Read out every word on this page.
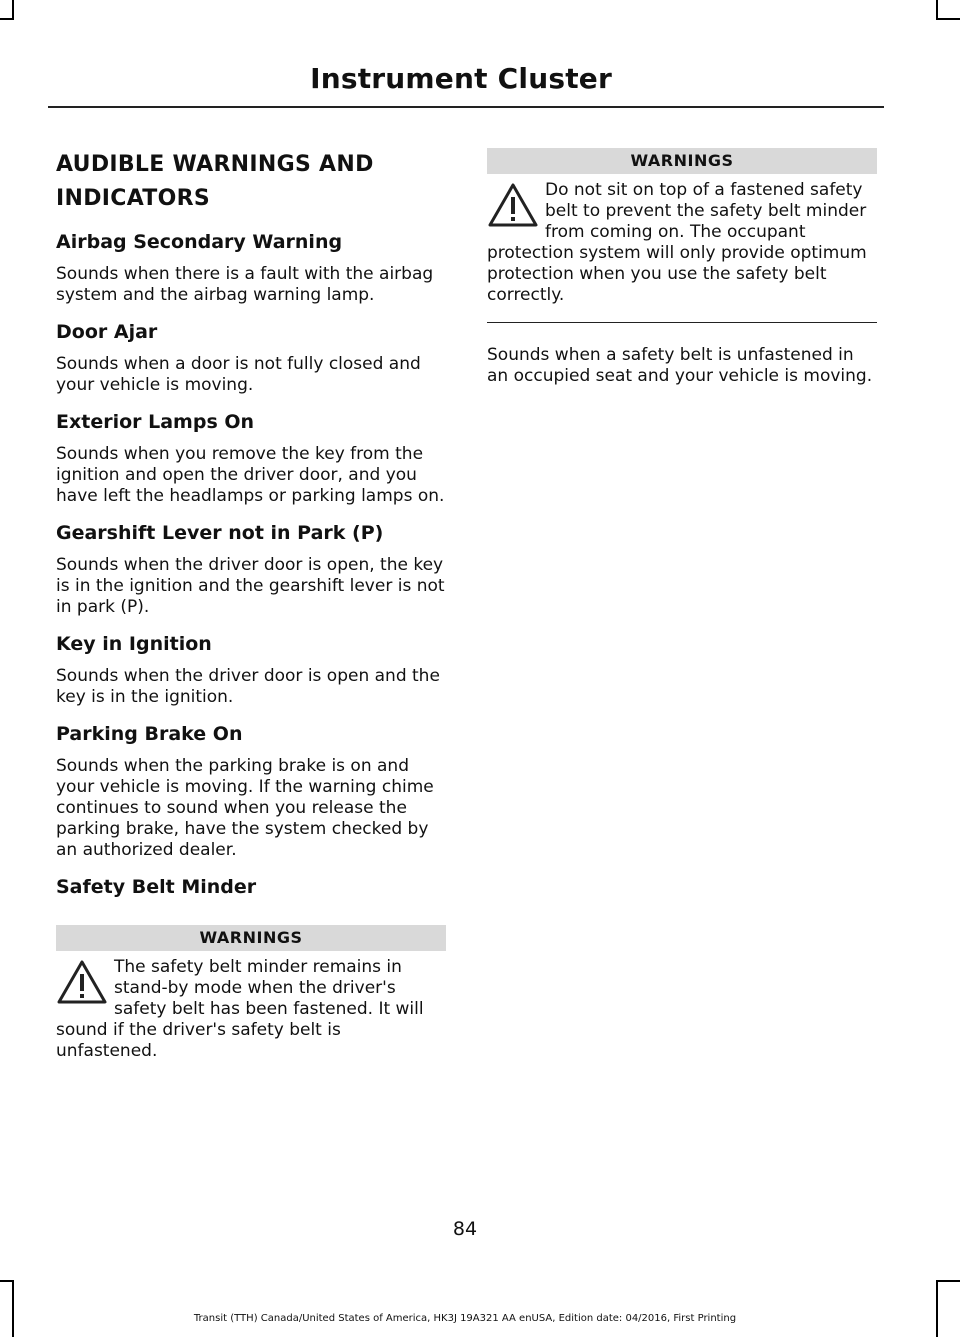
Instrument Cluster
AUDIBLE WARNINGS AND
INDICATORS
Airbag Secondary Warning
Sounds when there is a fault with the airbag system and the airbag warning lamp.
Door Ajar
Sounds when a door is not fully closed and your vehicle is moving.
Exterior Lamps On
Sounds when you remove the key from the ignition and open the driver door, and you have left the headlamps or parking lamps on.
Gearshift Lever not in Park (P)
Sounds when the driver door is open, the key is in the ignition and the gearshift lever is not in park (P).
Key in Ignition
Sounds when the driver door is open and the key is in the ignition.
Parking Brake On
Sounds when the parking brake is on and your vehicle is moving. If the warning chime continues to sound when you release the parking brake, have the system checked by an authorized dealer.
Safety Belt Minder
WARNINGS
The safety belt minder remains in stand-by mode when the driver's safety belt has been fastened. It will sound if the driver's safety belt is unfastened.
WARNINGS
Do not sit on top of a fastened safety belt to prevent the safety belt minder from coming on. The occupant protection system will only provide optimum protection when you use the safety belt correctly.
Sounds when a safety belt is unfastened in an occupied seat and your vehicle is moving.
84
Transit (TTH) Canada/United States of America, HK3J 19A321 AA enUSA, Edition date: 04/2016, First Printing
